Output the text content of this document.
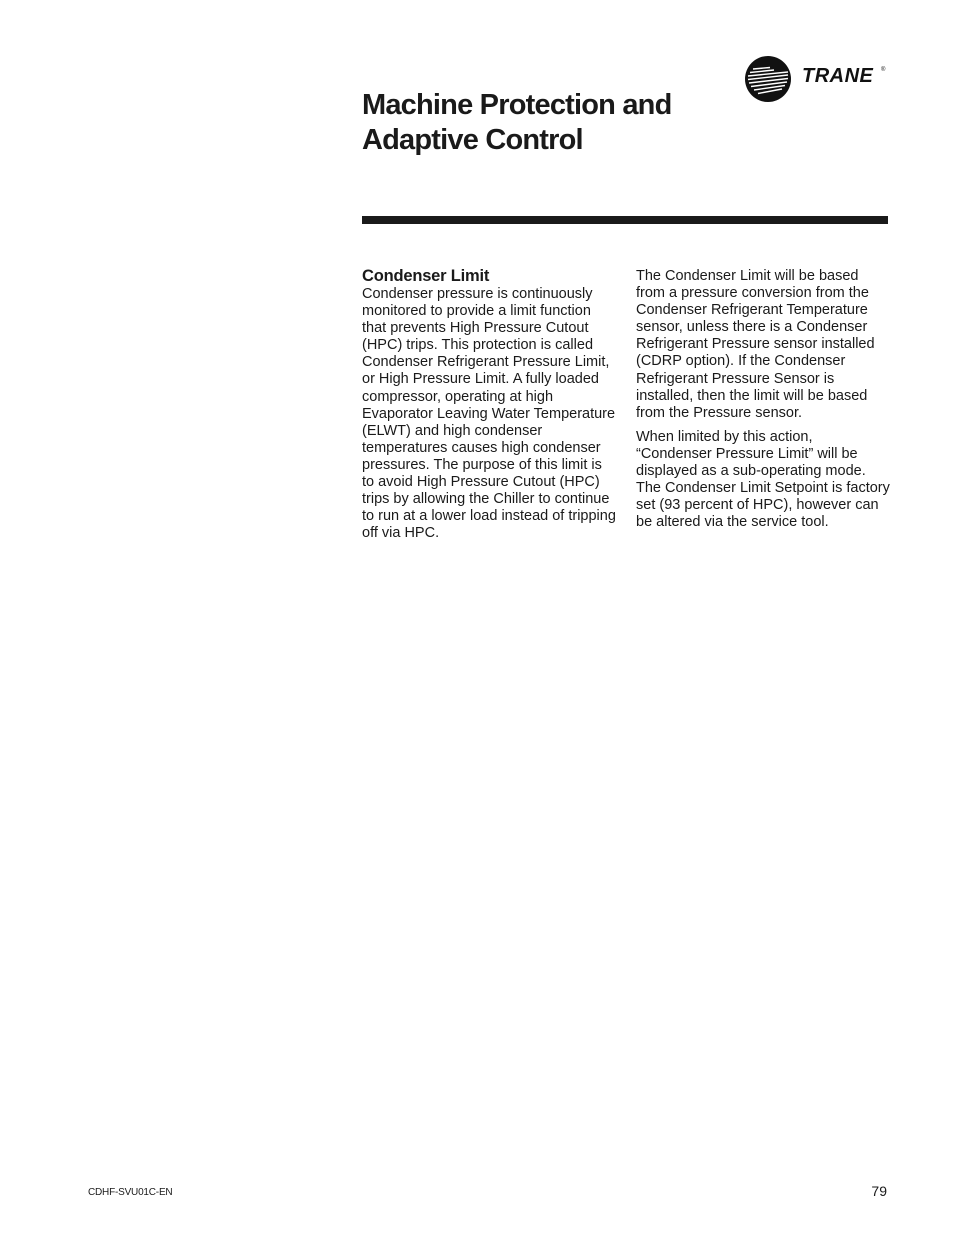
TRANE ®
Machine Protection and Adaptive Control
Condenser Limit

Condenser pressure is continuously monitored to provide a limit function that prevents High Pressure Cutout (HPC) trips. This protection is called Condenser Refrigerant Pressure Limit, or High Pressure Limit. A fully loaded compressor, operating at high Evaporator Leaving Water Temperature (ELWT) and high condenser temperatures causes high condenser pressures. The purpose of this limit is to avoid High Pressure Cutout (HPC) trips by allowing the Chiller to continue to run at a lower load instead of tripping off via HPC.

The Condenser Limit will be based from a pressure conversion from the Condenser Refrigerant Temperature sensor, unless there is a Condenser Refrigerant Pressure sensor installed (CDRP option). If the Condenser Refrigerant Pressure Sensor is installed, then the limit will be based from the Pressure sensor.

When limited by this action, “Condenser Pressure Limit” will be displayed as a sub-operating mode. The Condenser Limit Setpoint is factory set (93 percent of HPC), however can be altered via the service tool.

CDHF-SVU01C-EN	79
